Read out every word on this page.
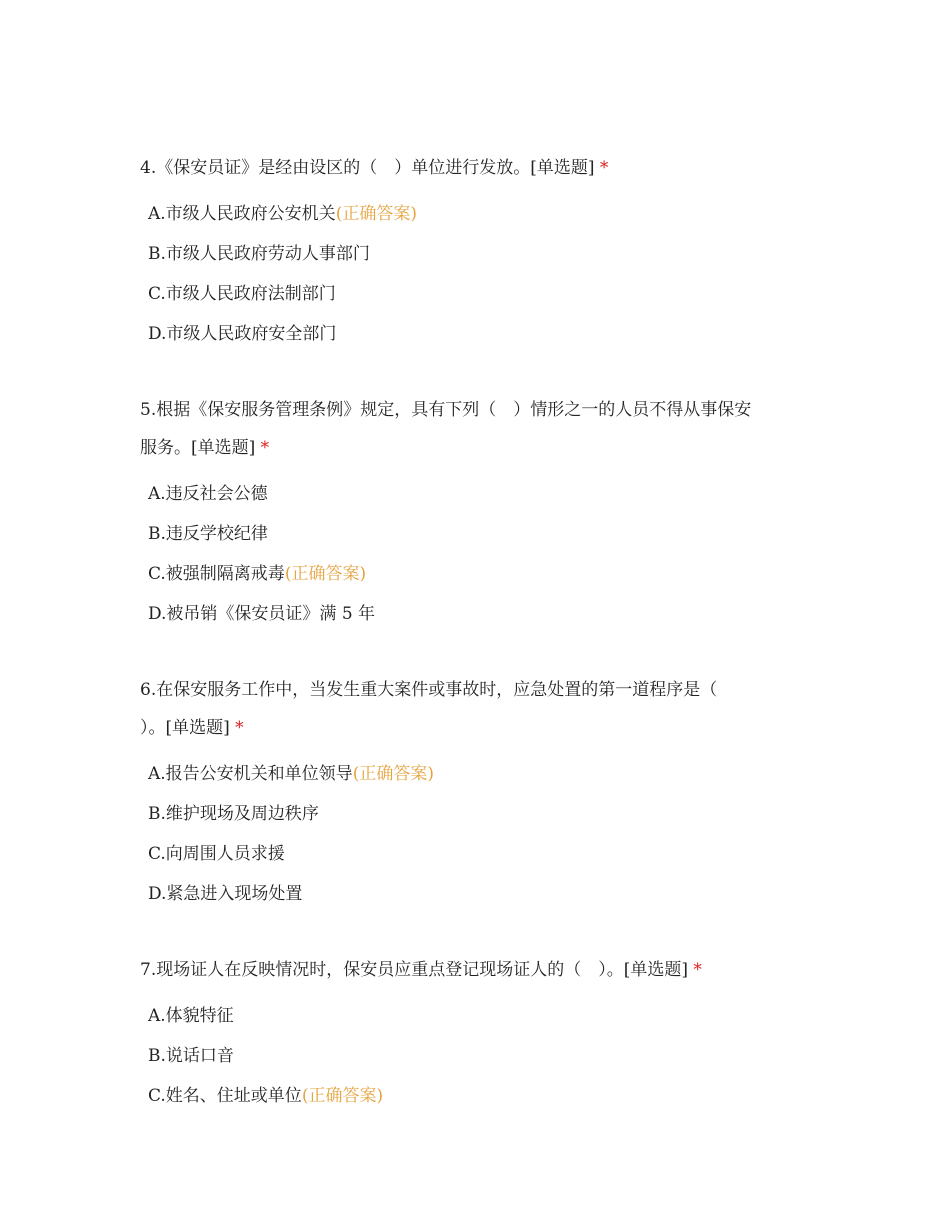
4.《保安员证》是经由设区的（　）单位进行发放。[单选题] *
A.市级人民政府公安机关(正确答案)
B.市级人民政府劳动人事部门
C.市级人民政府法制部门
D.市级人民政府安全部门
5.根据《保安服务管理条例》规定，具有下列（　）情形之一的人员不得从事保安
服务。[单选题] *
A.违反社会公德
B.违反学校纪律
C.被强制隔离戒毒(正确答案)
D.被吊销《保安员证》满 5 年
6.在保安服务工作中，当发生重大案件或事故时，应急处置的第一道程序是（
）。[单选题] *
A.报告公安机关和单位领导(正确答案)
B.维护现场及周边秩序
C.向周围人员求援
D.紧急进入现场处置
7.现场证人在反映情况时，保安员应重点登记现场证人的（　）。[单选题] *
A.体貌特征
B.说话口音
C.姓名、住址或单位(正确答案)
